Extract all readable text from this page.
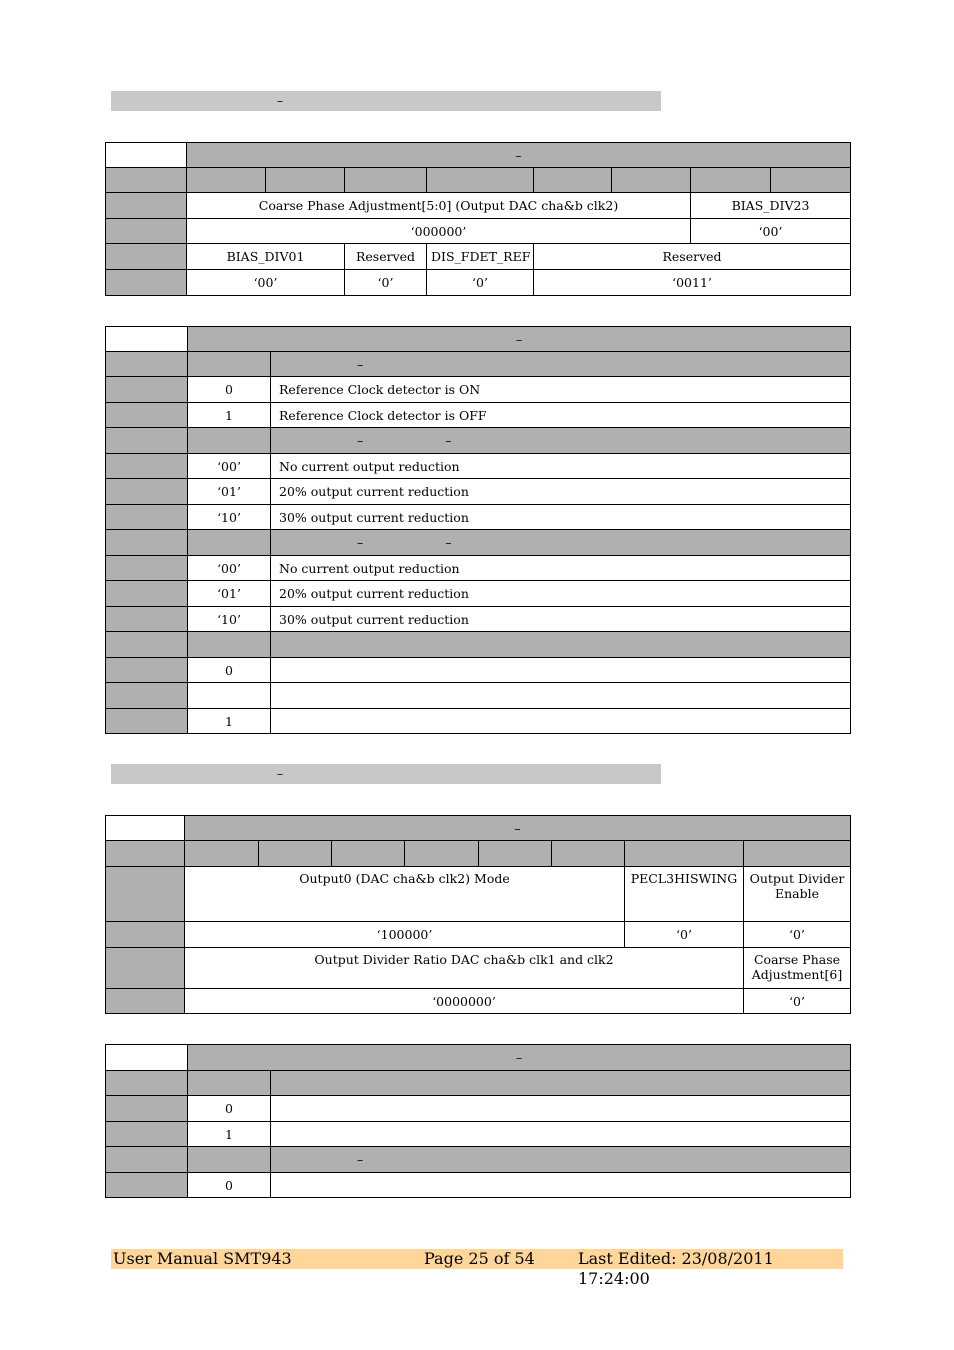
–
	–							

	Coarse Phase Adjustment[5:0] (Output DAC cha&b clk2)						BIAS_DIV23	
	‘000000’						‘00’	
	BIAS_DIV01		Reserved	DIS_FDET_REF	Reserved			
	‘00’		‘0’	‘0’	‘0011’			
	–	
		–
	0	Reference Clock detector is ON
	1	Reference Clock detector is OFF
		– –
	‘00’	No current output reduction
	‘01’	20% output current reduction
	‘10’	30% output current reduction
		– –
	‘00’	No current output reduction
	‘01’	20% output current reduction
	‘10’	30% output current reduction

	0	

	1	
–
	–							

	Output0 (DAC cha&b clk2) Mode						PECL3HISWING	Output Divider Enable
	‘100000’						‘0’	‘0’
	Output Divider Ratio DAC cha&b clk1 and clk2							Coarse Phase Adjustment[6]
	‘0000000’							‘0’
	–	

	0	
	1	
		–
	0	
User Manual SMT943	Page 25 of 54	Last Edited: 23/08/2011 17:24:00
